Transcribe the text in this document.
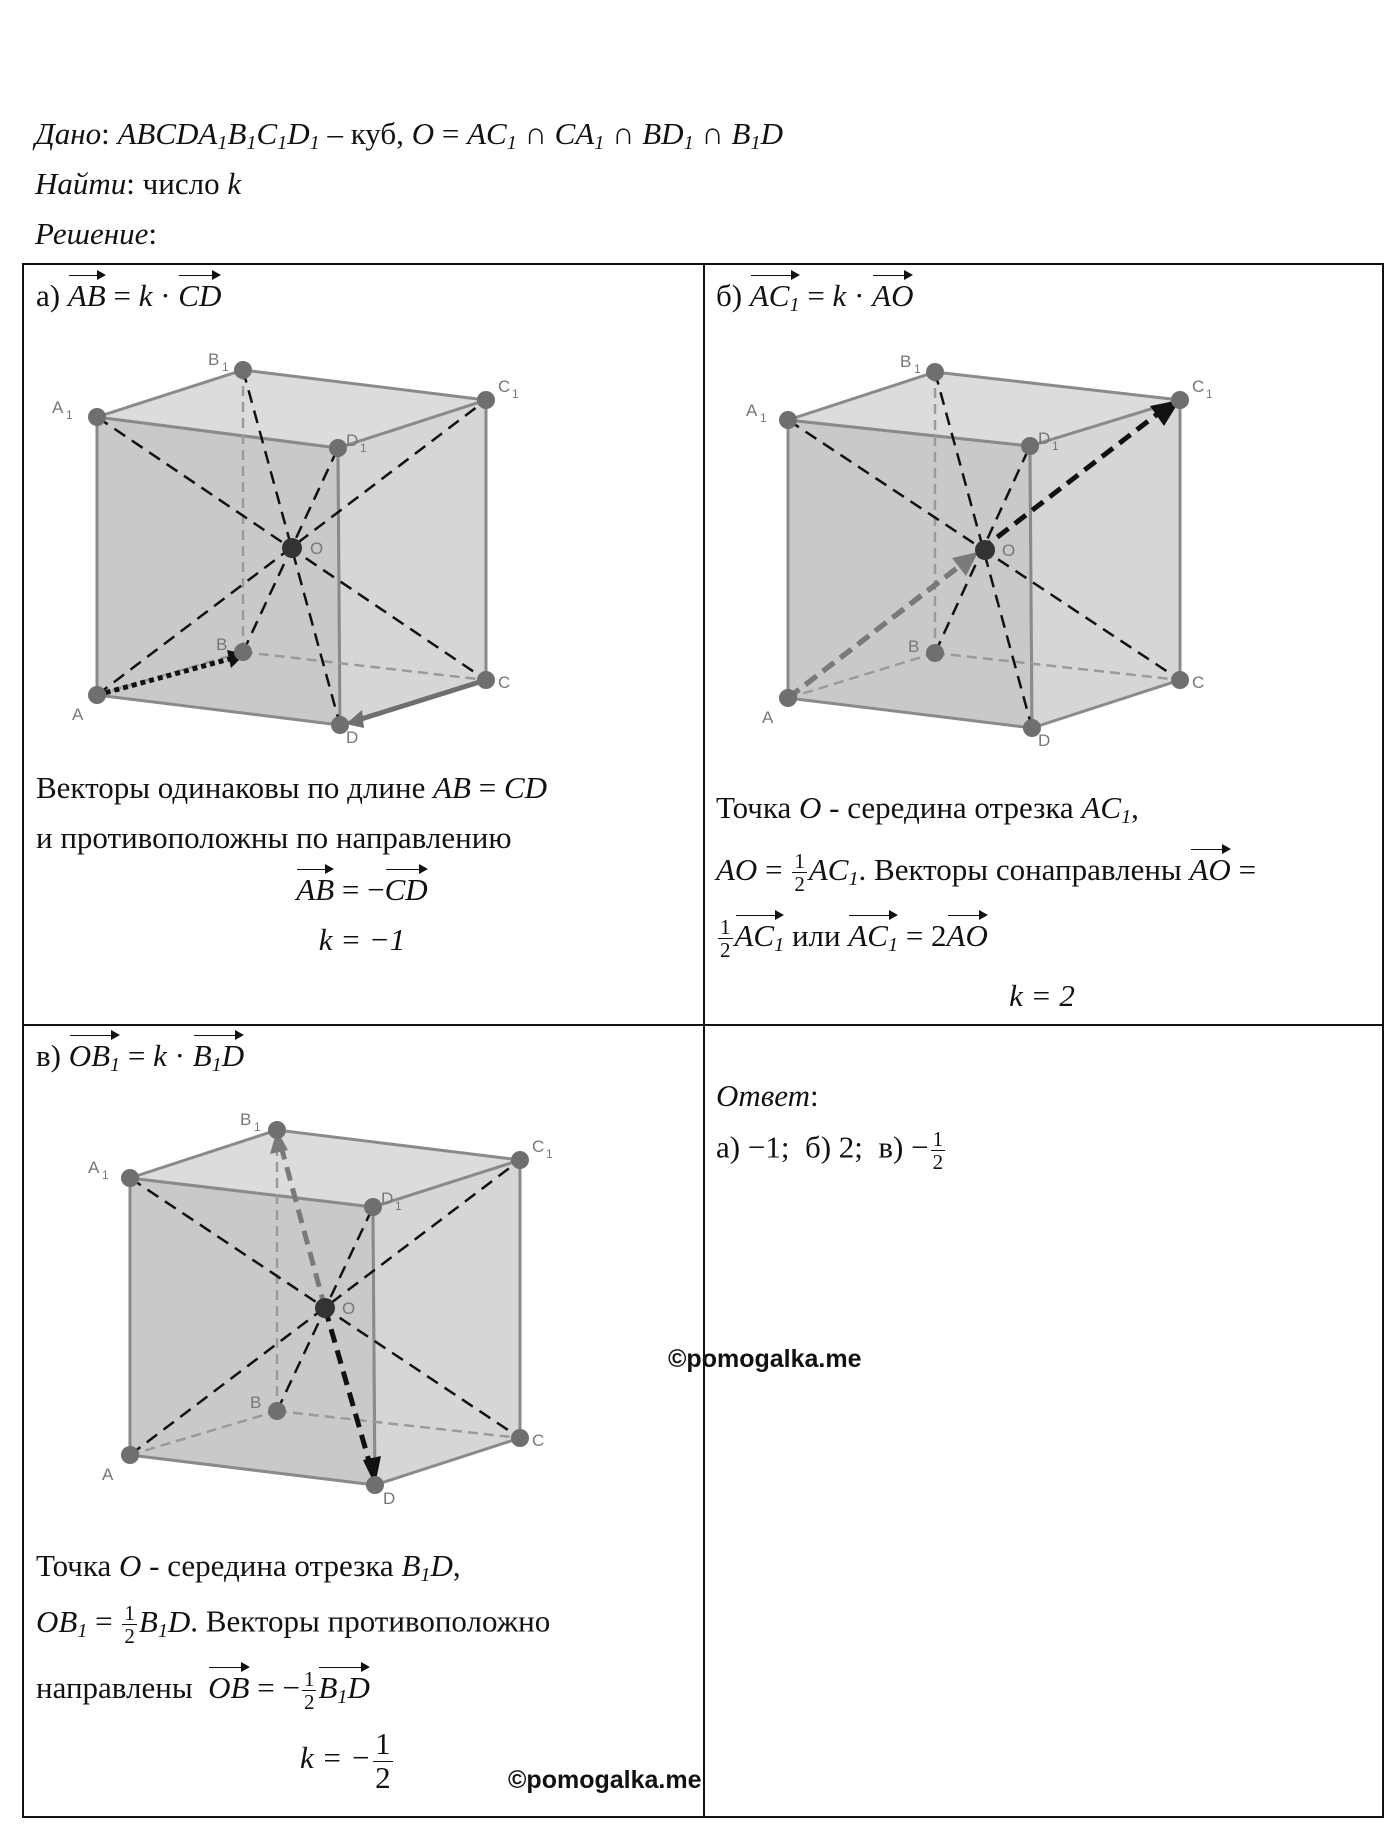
Дано: $ABCDA_1B_1C_1D_1$ – куб, $O = AC_1$ ∩ $CA_1$ ∩ $BD_1$ ∩ $B_1D$
Найти: число k
Решение:
а) AB = k · CD
A 1
B 1
C 1
D 1
A
B
C
D
O
Векторы одинаковы по длине AB = CD
и противоположны по направлению
AB = −CD
k = −1
б) $AC_1 = k$ · AO
A 1
B 1
C 1
D 1
A
B
C
D
O
Точка O - середина отрезка $AC_1$,
AO = $\frac{1}{2} AC_1$. Векторы сонаправлены AO =
$\frac{1}{2} AC_1$ или $AC_1 = 2AO$
k = 2
в) $OB_1 = k \cdot B_1D$
A 1
B 1
C 1
D 1
A
B
C
D
O
Точка O - середина отрезка $B_1D$,
$OB_1 = \frac{1}{2} B_1D$. Векторы противоположно
направлены OB = − $\frac{1}{2} B_1D$
k = − $\frac{1}{2}$
Ответ:
а) −1; б) 2; $в) - \frac{1}{2}$
©pomogalka.me
©pomogalka.me
